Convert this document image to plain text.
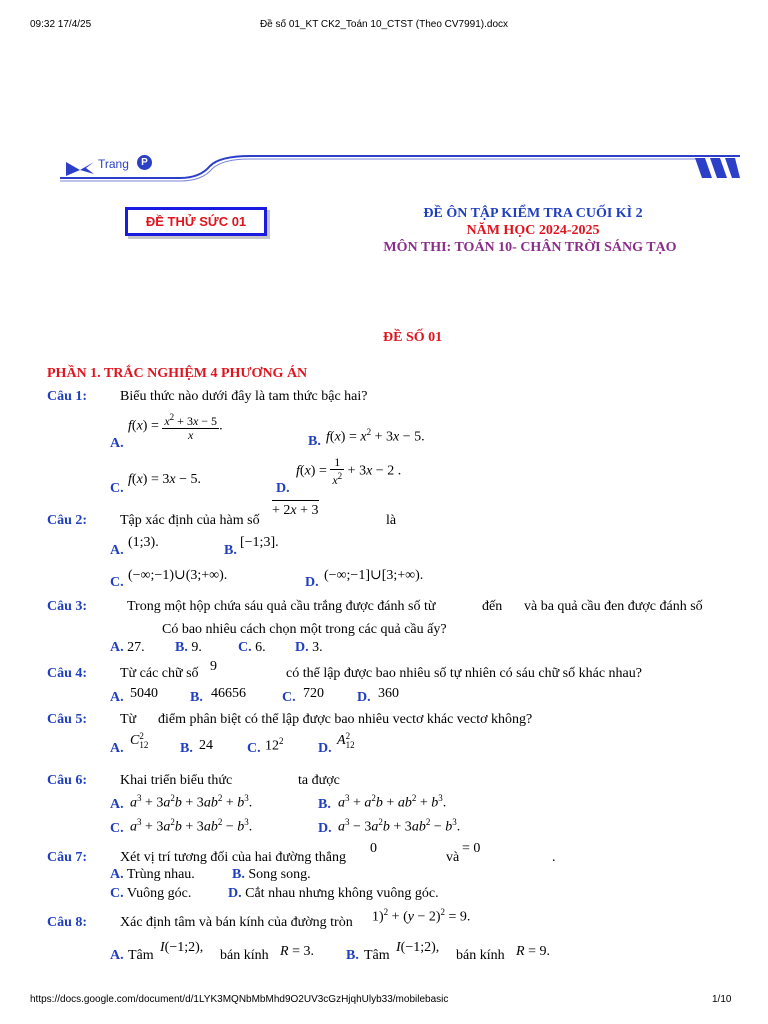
09:32 17/4/25	Đề số 01_KT CK2_Toán 10_CTST (Theo CV7991).docx
Trang	P
ĐỀ THỬ SỨC 01
ĐỀ ÔN TẬP KIỂM TRA CUỐI KÌ 2
NĂM HỌC 2024-2025
MÔN THI: TOÁN 10- CHÂN TRỜI SÁNG TẠO
ĐỀ SỐ 01
PHẦN 1. TRẮC NGHIỆM 4 PHƯƠNG ÁN
Câu 1: Biểu thức nào dưới đây là tam thức bậc hai?
A.
$f(x) = \frac{x^2 + 3x - 5}{x}$ .
B. $f(x) = x^2 + 3x - 5$.
C.
f(x) = 3x − 5.
D.
$f(x) = \frac{1}{x^2} + 3x - 2$ .
Câu 2: Tập xác định của hàm số
+ 2x + 3
là
A.
(1;3).
B.
[−1;3].
C. (−∞;−1)∪(3;+∞).	D. (−∞;−1]∪[3;+∞).
Câu 3:	Trong một hộp chứa sáu quả cầu trắng được đánh số từ	đến và ba quả cầu đen được đánh số
Có bao nhiêu cách chọn một trong các quả cầu ấy?
A. 27. B. 9.	C. 6. D. 3.
Câu 4: Từ các chữ số 9	có thể lập được bao nhiêu số tự nhiên có sáu chữ số khác nhau?
A. 5040 B. 46656	C. 720 D. 360
Câu 5: Từ điểm phân biệt có thể lập được bao nhiêu vectơ khác vectơ không?
A.
C2
12 B. 24 C. $12^2$ D.
A2
12
Câu 6: Khai triển biểu thức	ta được
A. $a^3 + 3a^2b + 3ab^2 + b^3$.	B. $a^3 + a^2b + ab^2 + b^3$.
C. $a^3 + 3a^2b + 3ab^2 - b^3$.	D. $a^3 - 3a^2b + 3ab^2 - b^3$.
Câu 7: Xét vị trí tương đối của hai đường thẳng
0
và
= 0
.
A. Trùng nhau.	B. Song song.
C. Vuông góc.	D. Cắt nhau nhưng không vuông góc.
Câu 8: Xác định tâm và bán kính của đường tròn $1)^2 + (y - 2)^2 = 9$.
A. Tâm
I(−1;2),
bán kính R = 3. B. Tâm
I(−1;2),
bán kính R = 9.
https://docs.google.com/document/d/1LYK3MQNbMbMhd9O2UV3cGzHjqhUlyb33/mobilebasic	1/10
